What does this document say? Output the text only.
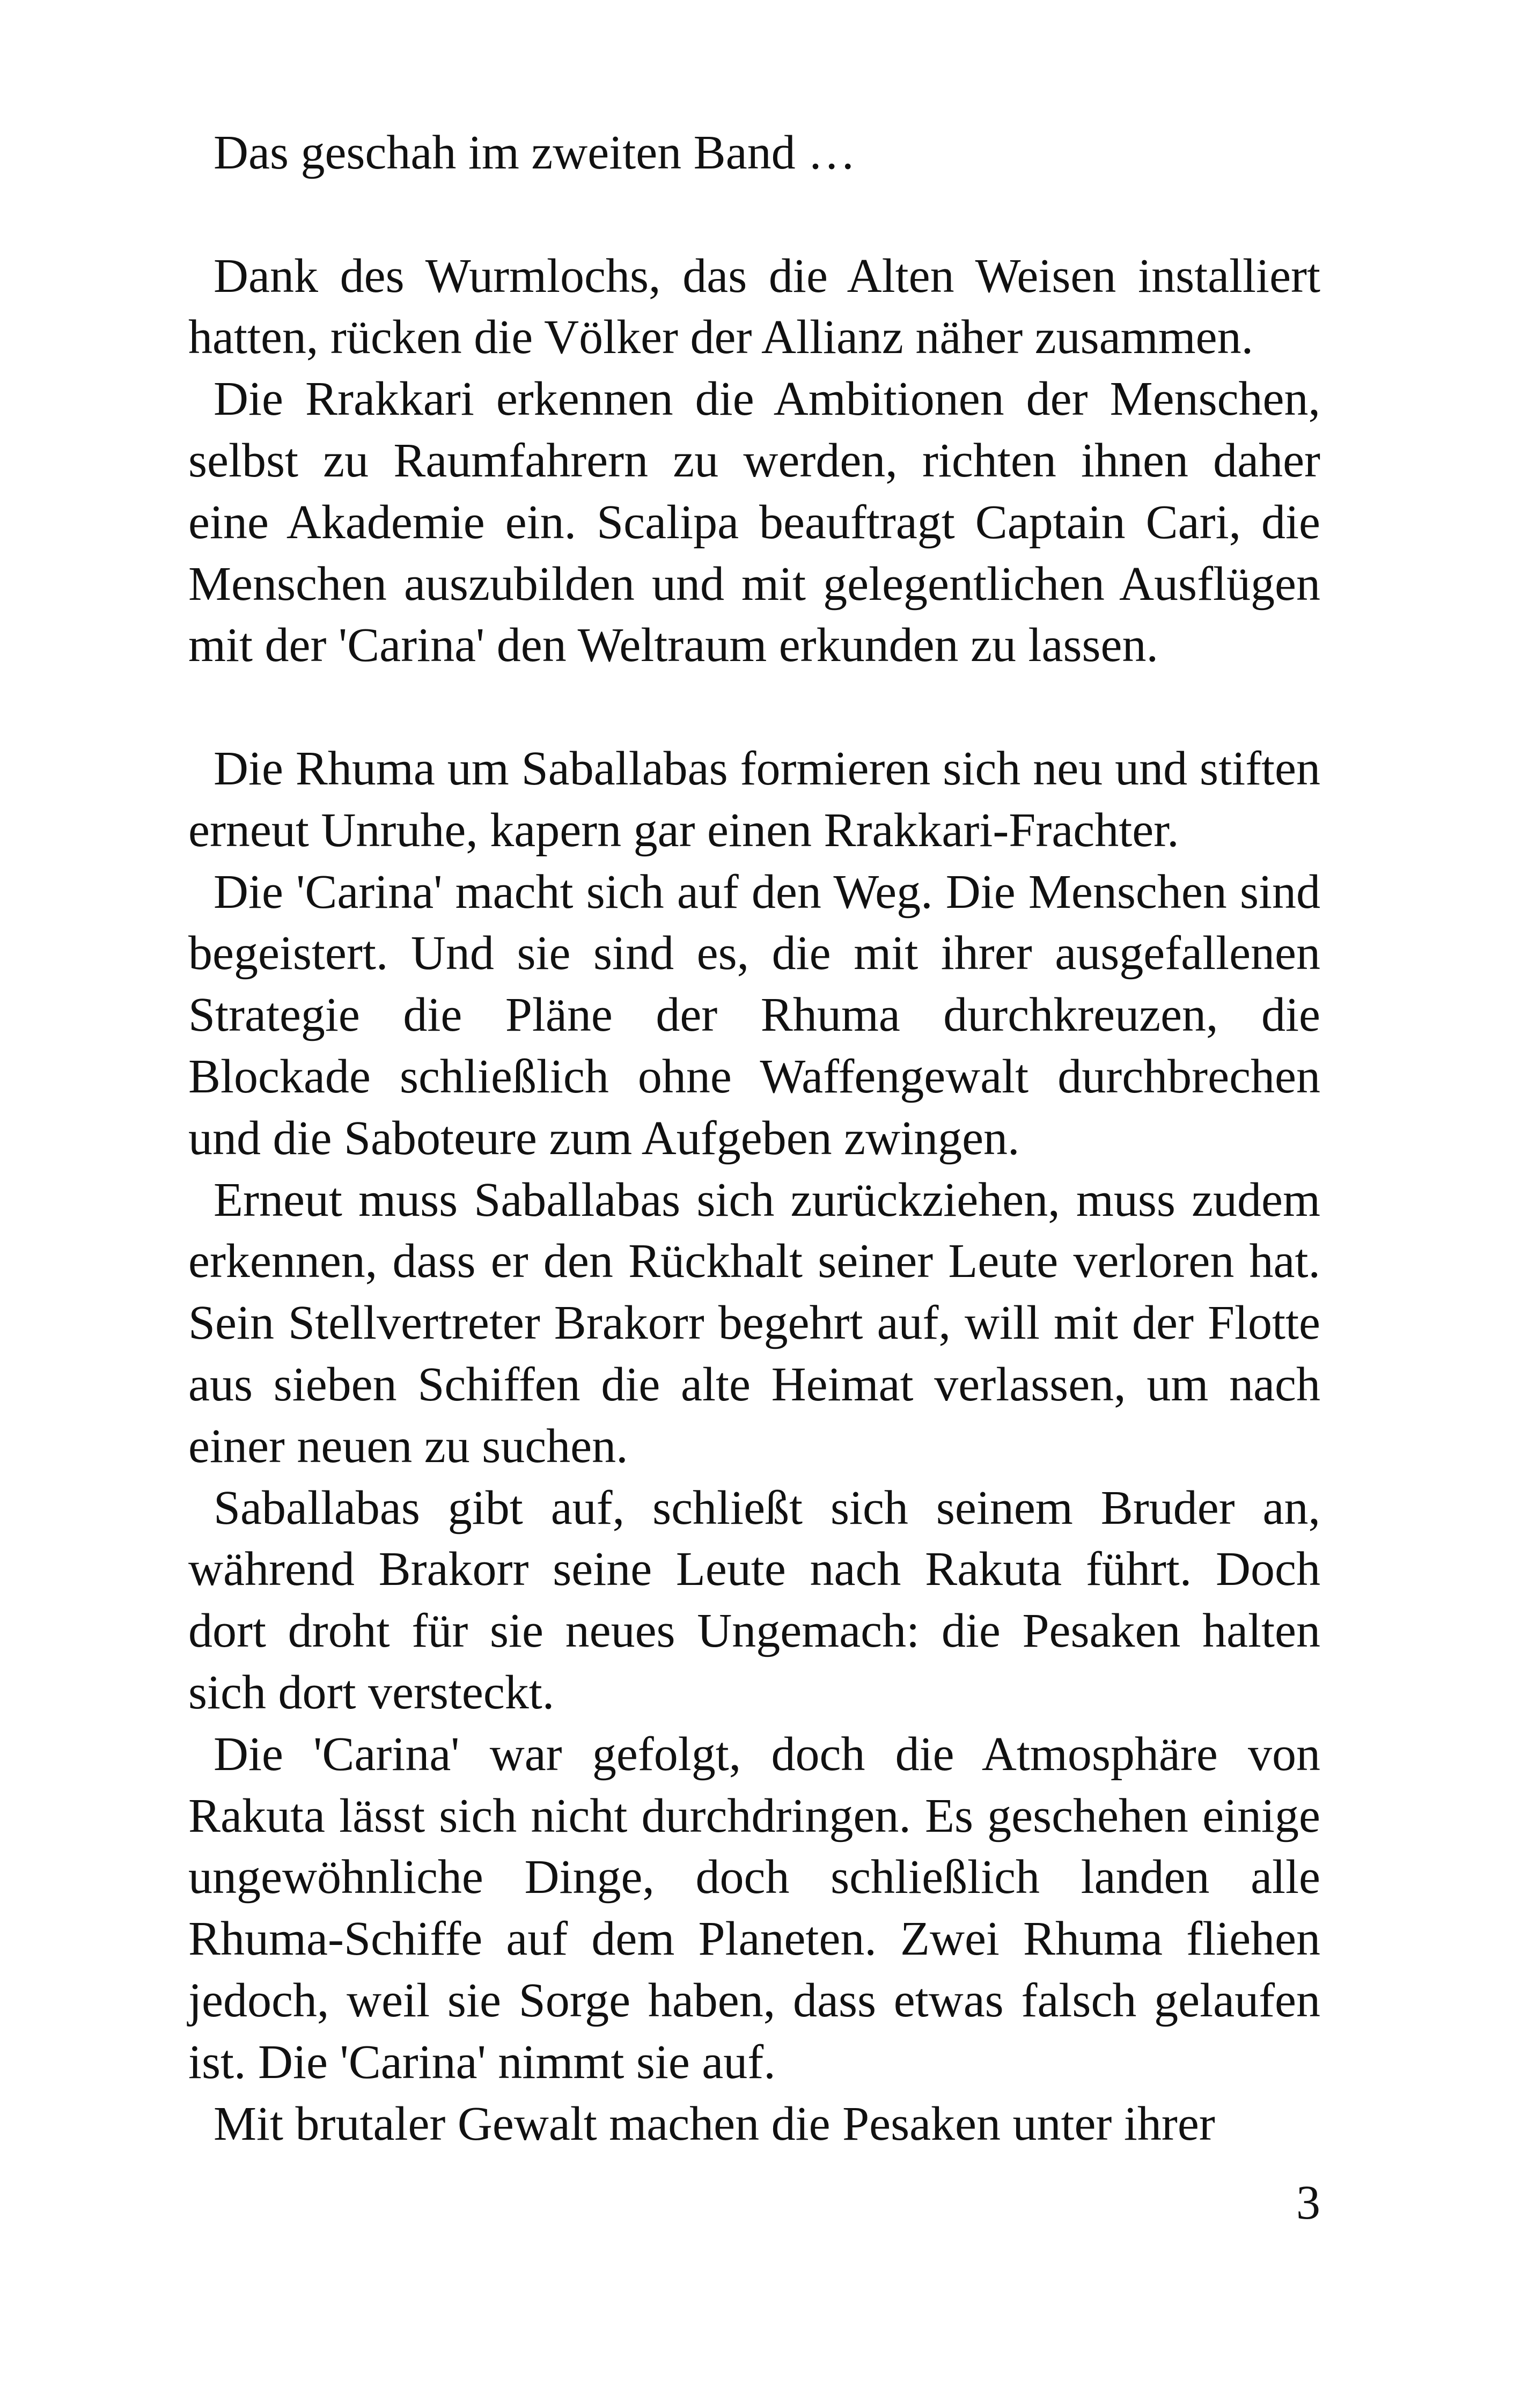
Das geschah im zweiten Band …

Dank des Wurmlochs, das die Alten Weisen installiert hatten, rücken die Völker der Allianz näher zusammen.

Die Rrakkari erkennen die Ambitionen der Menschen, selbst zu Raumfahrern zu werden, richten ihnen daher eine Akademie ein. Scalipa beauftragt Captain Cari, die Menschen auszubilden und mit gelegentlichen Ausflügen mit der 'Carina' den Weltraum erkunden zu lassen.

Die Rhuma um Saballabas formieren sich neu und stiften erneut Unruhe, kapern gar einen Rrakkari-Frachter.

Die 'Carina' macht sich auf den Weg. Die Menschen sind begeistert. Und sie sind es, die mit ihrer ausgefallenen Strategie die Pläne der Rhuma durchkreuzen, die Blockade schließlich ohne Waffengewalt durchbrechen und die Saboteure zum Aufgeben zwingen.

Erneut muss Saballabas sich zurückziehen, muss zudem erkennen, dass er den Rückhalt seiner Leute verloren hat. Sein Stellvertreter Brakorr begehrt auf, will mit der Flotte aus sieben Schiffen die alte Heimat verlassen, um nach einer neuen zu suchen.

Saballabas gibt auf, schließt sich seinem Bruder an, während Brakorr seine Leute nach Rakuta führt. Doch dort droht für sie neues Ungemach: die Pesaken halten sich dort versteckt.

Die 'Carina' war gefolgt, doch die Atmosphäre von Rakuta lässt sich nicht durchdringen. Es geschehen einige ungewöhnliche Dinge, doch schließlich landen alle Rhuma-Schiffe auf dem Planeten. Zwei Rhuma fliehen jedoch, weil sie Sorge haben, dass etwas falsch gelaufen ist. Die 'Carina' nimmt sie auf.

Mit brutaler Gewalt machen die Pesaken unter ihrer

3
